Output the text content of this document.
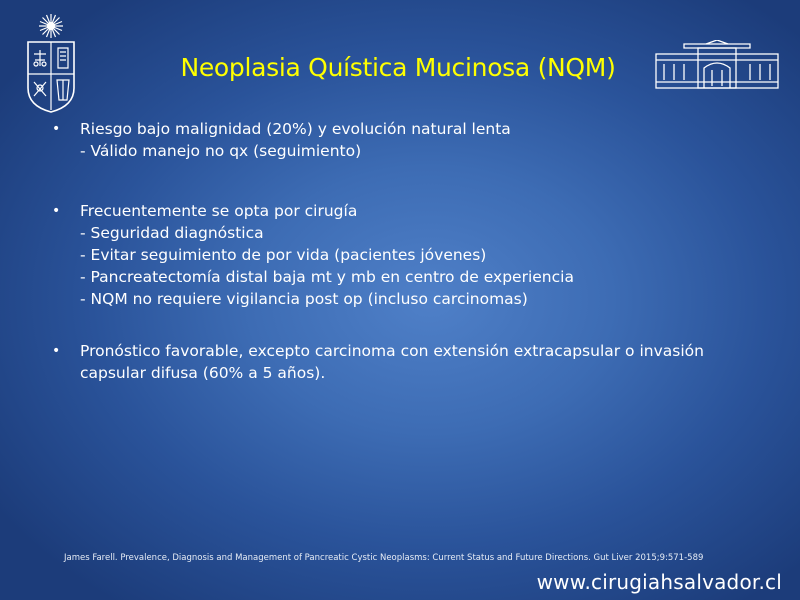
Neoplasia Quística Mucinosa (NQM)
• Riesgo bajo malignidad (20%) y evolución natural lenta
- Válido manejo no qx (seguimiento)
• Frecuentemente se opta por cirugía
- Seguridad diagnóstica
- Evitar seguimiento de por vida (pacientes jóvenes)
- Pancreatectomía distal baja mt y mb en centro de experiencia
- NQM no requiere vigilancia post op (incluso carcinomas)
• Pronóstico favorable, excepto carcinoma con extensión extracapsular o invasión capsular difusa (60% a 5 años).
James Farell. Prevalence, Diagnosis and Management of Pancreatic Cystic Neoplasms: Current Status and Future Directions. Gut Liver 2015;9:571-589
www.cirugiahsalvador.cl
